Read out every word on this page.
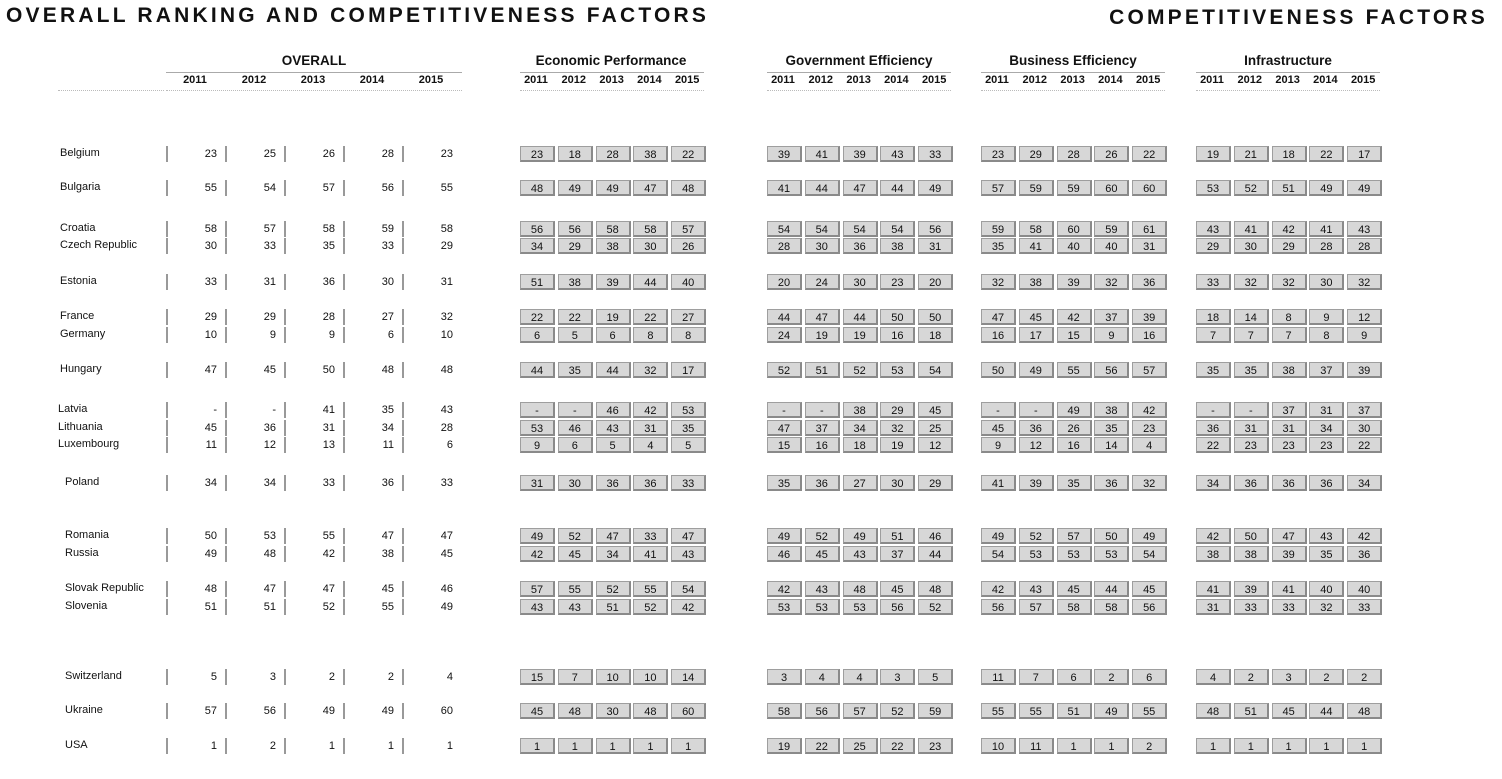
OVERALL RANKING AND COMPETITIVENESS FACTORS	COMPETITIVENESS FACTORS
OVERALL
2011	2012	2013	2014	2015
Economic Performance
2011	2012	2013	2014	2015
Government Efficiency
2011	2012	2013	2014	2015
Business Efficiency
2011	2012	2013	2014	2015
Infrastructure
2011	2012	2013	2014	2015
Belgium	23	25	26	28	23	23	18	28	38	22	39	41	39	43	33	23	29	28	26	22	19	21	18	22	17
Bulgaria	55	54	57	56	55	48	49	49	47	48	41	44	47	44	49	57	59	59	60	60	53	52	51	49	49
Croatia	58	57	58	59	58	56	56	58	58	57	54	54	54	54	56	59	58	60	59	61	43	41	42	41	43
Czech Republic	30	33	35	33	29	34	29	38	30	26	28	30	36	38	31	35	41	40	40	31	29	30	29	28	28
Estonia	33	31	36	30	31	51	38	39	44	40	20	24	30	23	20	32	38	39	32	36	33	32	32	30	32
France	29	29	28	27	32	22	22	19	22	27	44	47	44	50	50	47	45	42	37	39	18	14	8	9	12
Germany	10	9	9	6	10	6	5	6	8	8	24	19	19	16	18	16	17	15	9	16	7	7	7	8	9
Hungary	47	45	50	48	48	44	35	44	32	17	52	51	52	53	54	50	49	55	56	57	35	35	38	37	39
Latvia	-	-	41	35	43	-	-	46	42	53	-	-	38	29	45	-	-	49	38	42	-	-	37	31	37
Lithuania	45	36	31	34	28	53	46	43	31	35	47	37	34	32	25	45	36	26	35	23	36	31	31	34	30
Luxembourg	11	12	13	11	6	9	6	5	4	5	15	16	18	19	12	9	12	16	14	4	22	23	23	23	22
Poland	34	34	33	36	33	31	30	36	36	33	35	36	27	30	29	41	39	35	36	32	34	36	36	36	34
Romania	50	53	55	47	47	49	52	47	33	47	49	52	49	51	46	49	52	57	50	49	42	50	47	43	42
Russia	49	48	42	38	45	42	45	34	41	43	46	45	43	37	44	54	53	53	53	54	38	38	39	35	36
Slovak Republic	48	47	47	45	46	57	55	52	55	54	42	43	48	45	48	42	43	45	44	45	41	39	41	40	40
Slovenia	51	51	52	55	49	43	43	51	52	42	53	53	53	56	52	56	57	58	58	56	31	33	33	32	33
Switzerland	5	3	2	2	4	15	7	10	10	14	3	4	4	3	5	11	7	6	2	6	4	2	3	2	2
Ukraine	57	56	49	49	60	45	48	30	48	60	58	56	57	52	59	55	55	51	49	55	48	51	45	44	48
USA	1	2	1	1	1	1	1	1	1	1	19	22	25	22	23	10	11	1	1	2	1	1	1	1	1
